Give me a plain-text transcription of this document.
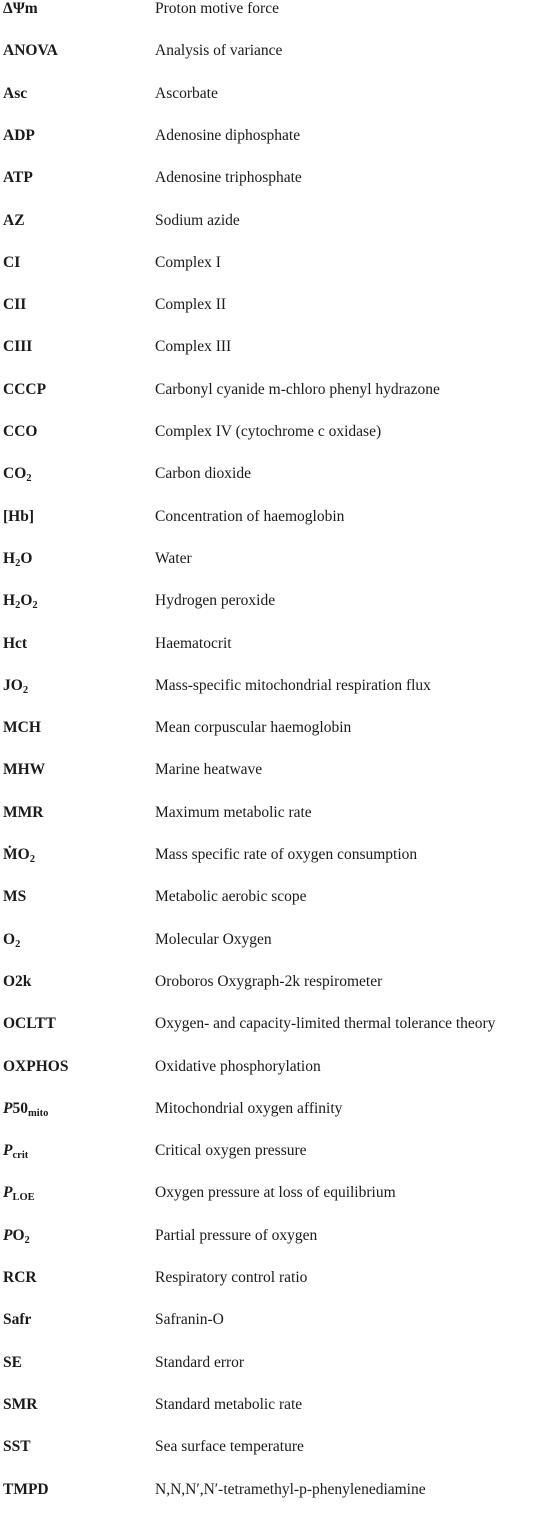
ΔΨm	Proton motive force
ANOVA	Analysis of variance
Asc	Ascorbate
ADP	Adenosine diphosphate
ATP	Adenosine triphosphate
AZ	Sodium azide
CI	Complex I
CII	Complex II
CIII	Complex III
CCCP	Carbonyl cyanide m-chloro phenyl hydrazone
CCO	Complex IV (cytochrome c oxidase)
$CO_2$	Carbon dioxide
[Hb]	Concentration of haemoglobin
$H_2O$	Water
$H_2O_2$	Hydrogen peroxide
Hct	Haematocrit
$JO_2$	Mass-specific mitochondrial respiration flux
MCH	Mean corpuscular haemoglobin
MHW	Marine heatwave
MMR	Maximum metabolic rate
ṀO$_2$	Mass specific rate of oxygen consumption
MS	Metabolic aerobic scope
$O_2$	Molecular Oxygen
O2k	Oroboros Oxygraph-2k respirometer
OCLTT	Oxygen- and capacity-limited thermal tolerance theory
OXPHOS	Oxidative phosphorylation
$P50_{mito}$	Mitochondrial oxygen affinity
$P_{crit}$	Critical oxygen pressure
$P_{LOE}$	Oxygen pressure at loss of equilibrium
$PO_2$	Partial pressure of oxygen
RCR	Respiratory control ratio
Safr	Safranin-O
SE	Standard error
SMR	Standard metabolic rate
SST	Sea surface temperature
TMPD	N,N,N′,N′-tetramethyl-p-phenylenediamine
